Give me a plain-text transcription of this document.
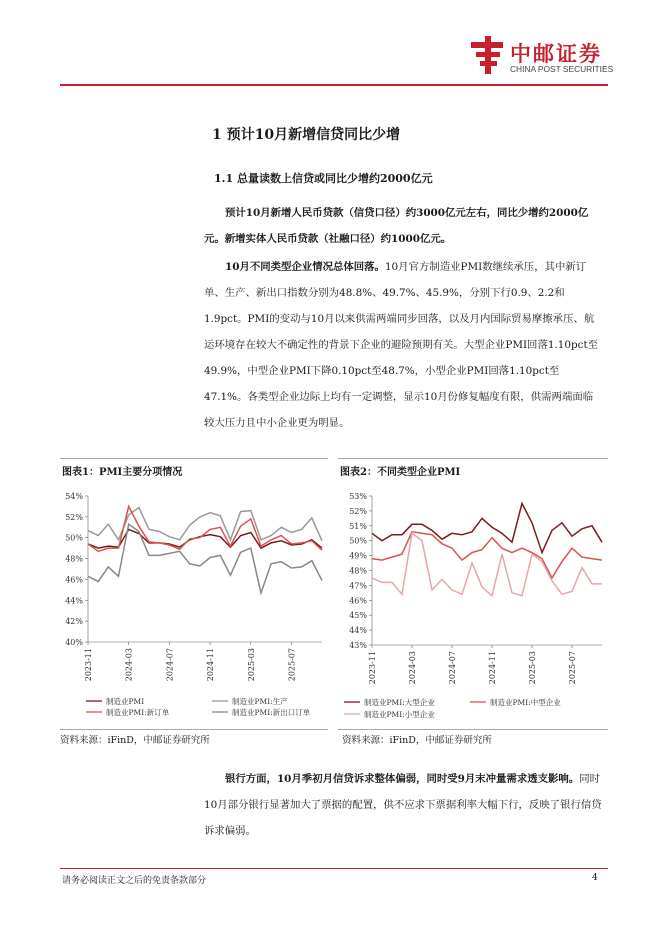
中邮证券
CHINA POST SECURITIES
1 预计10月新增信贷同比少增
1.1 总量读数上信贷或同比少增约2000亿元

预计10月新增人民币贷款（信贷口径）约3000亿元左右，同比少增约2000亿元。新增实体人民币贷款（社融口径）约1000亿元。

10月不同类型企业情况总体回落。10月官方制造业PMI数继续承压，其中新订单、生产、新出口指数分别为48.8%、49.7%、45.9%，分别下行0.9、2.2和1.9pct。PMI的变动与10月以来供需两端同步回落，以及月内国际贸易摩擦承压、航运环境存在较大不确定性的背景下企业的避险预期有关。大型企业PMI回落1.10pct至49.9%，中型企业PMI下降0.10pct至48.7%，小型企业PMI回落1.10pct至47.1%。各类型企业边际上均有一定调整，显示10月份修复幅度有限，供需两端面临较大压力且中小企业更为明显。

图表1：PMI主要分项情况
40%
42%
44%
46%
48%
50%
52%
54%
2023-11	2024-03	2024-07	2024-11	2025-03	2025-07
制造业PMI	制造业PMI:生产
制造业PMI:新订单	制造业PMI:新出口订单
资料来源：iFinD，中邮证券研究所
图表2：不同类型企业PMI
43%
44%
45%
46%
47%
48%
49%
50%
51%
52%
53%
2023-11	2024-03	2024-07	2024-11	2025-03	2025-07
制造业PMI:大型企业	制造业PMI:中型企业
制造业PMI:小型企业
资料来源：iFinD，中邮证券研究所

银行方面，10月季初月信贷诉求整体偏弱，同时受9月末冲量需求透支影响。同时10月部分银行显著加大了票据的配置，供不应求下票据利率大幅下行，反映了银行信贷诉求偏弱。

请务必阅读正文之后的免责条款部分	4
